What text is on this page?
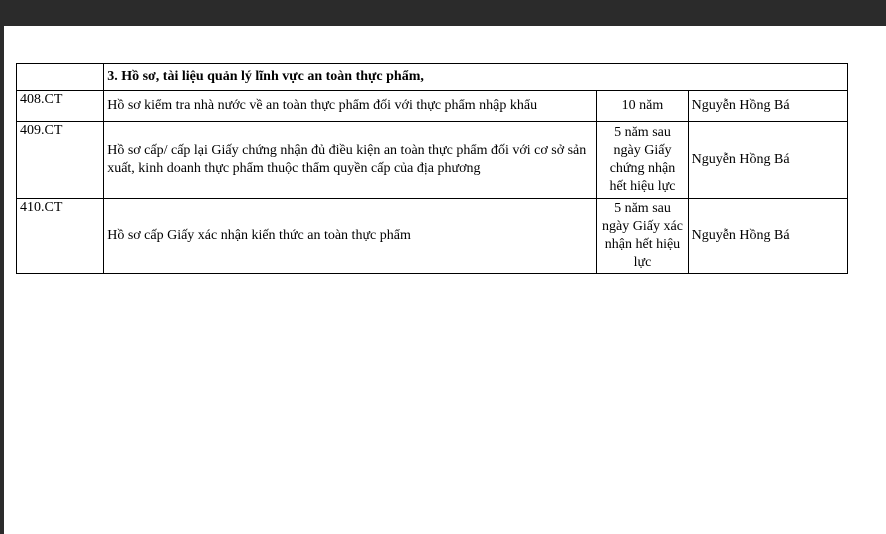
	3. Hồ sơ, tài liệu quản lý lĩnh vực an toàn thực phẩm,		
408.CT	Hồ sơ kiểm tra nhà nước về an toàn thực phẩm đối với thực phẩm nhập khẩu	10 năm	Nguyễn Hồng Bá
409.CT	Hồ sơ cấp/ cấp lại Giấy chứng nhận đủ điều kiện an toàn thực phẩm đối với cơ sở sản xuất, kinh doanh thực phẩm thuộc thẩm quyền cấp của địa phương	5 năm sau ngày Giấy chứng nhận hết hiệu lực	Nguyễn Hồng Bá
410.CT	Hồ sơ cấp Giấy xác nhận kiến thức an toàn thực phẩm	5 năm sau ngày Giấy xác nhận hết hiệu lực	Nguyễn Hồng Bá
